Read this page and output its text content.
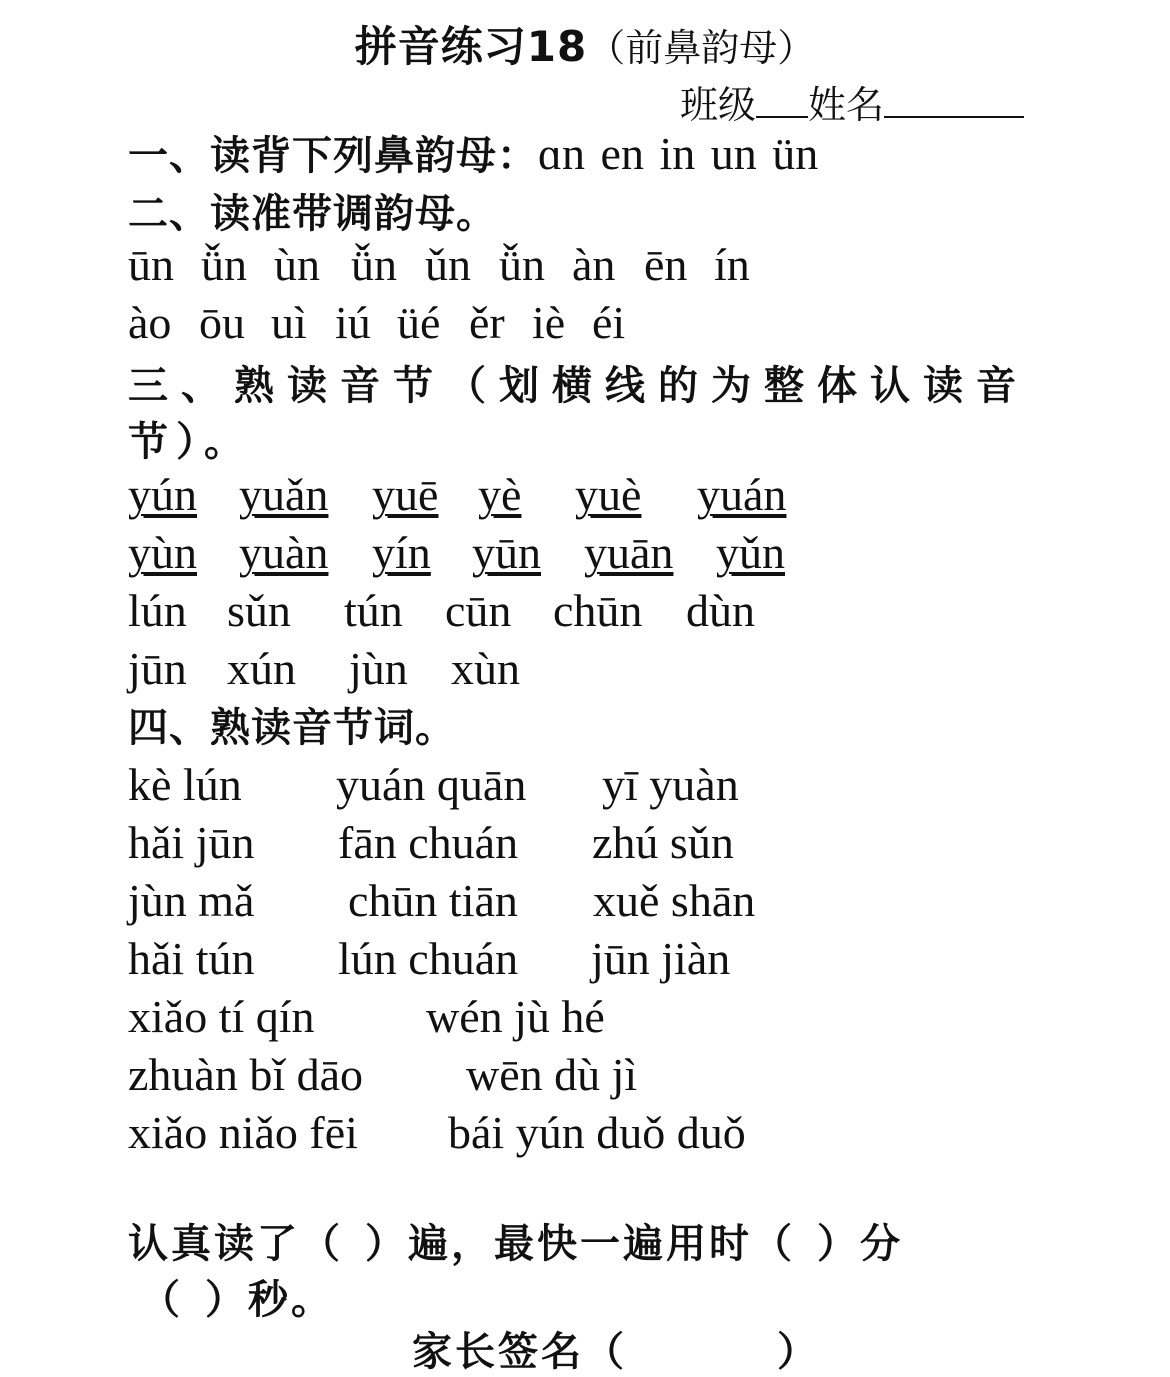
拼音练习18（前鼻韵母）
班级 姓名
一、读背下列鼻韵母：ɑn en in un ün
二、读准带调韵母。
ūn ǚn ùn ǚn ǔn ǚn àn ēn ín
ào ōu uì iú üé ěr iè éi
三、熟读音节（划横线的为整体认读音
节）。
yún yuǎn yuē yè	yuè	yuán
yùn yuàn yín yūn yuān yǔn
lún sǔn	tún cūn chūn dùn
jūn xún	jùn xùn
四、熟读音节词。
kè lún	yuán quān	yī yuàn
hǎi jūn	fān chuán	zhú sǔn
jùn mǎ	chūn tiān	xuě shān
hǎi tún	lún chuán	jūn jiàn
xiǎo tí qín	wén jù hé
zhuàn bǐ dāo	wēn dù jì
xiǎo niǎo fēi	bái yún duǒ duǒ
认真读了（ ）遍，最快一遍用时（ ）分
（ ）秒。
家长签名（	）
